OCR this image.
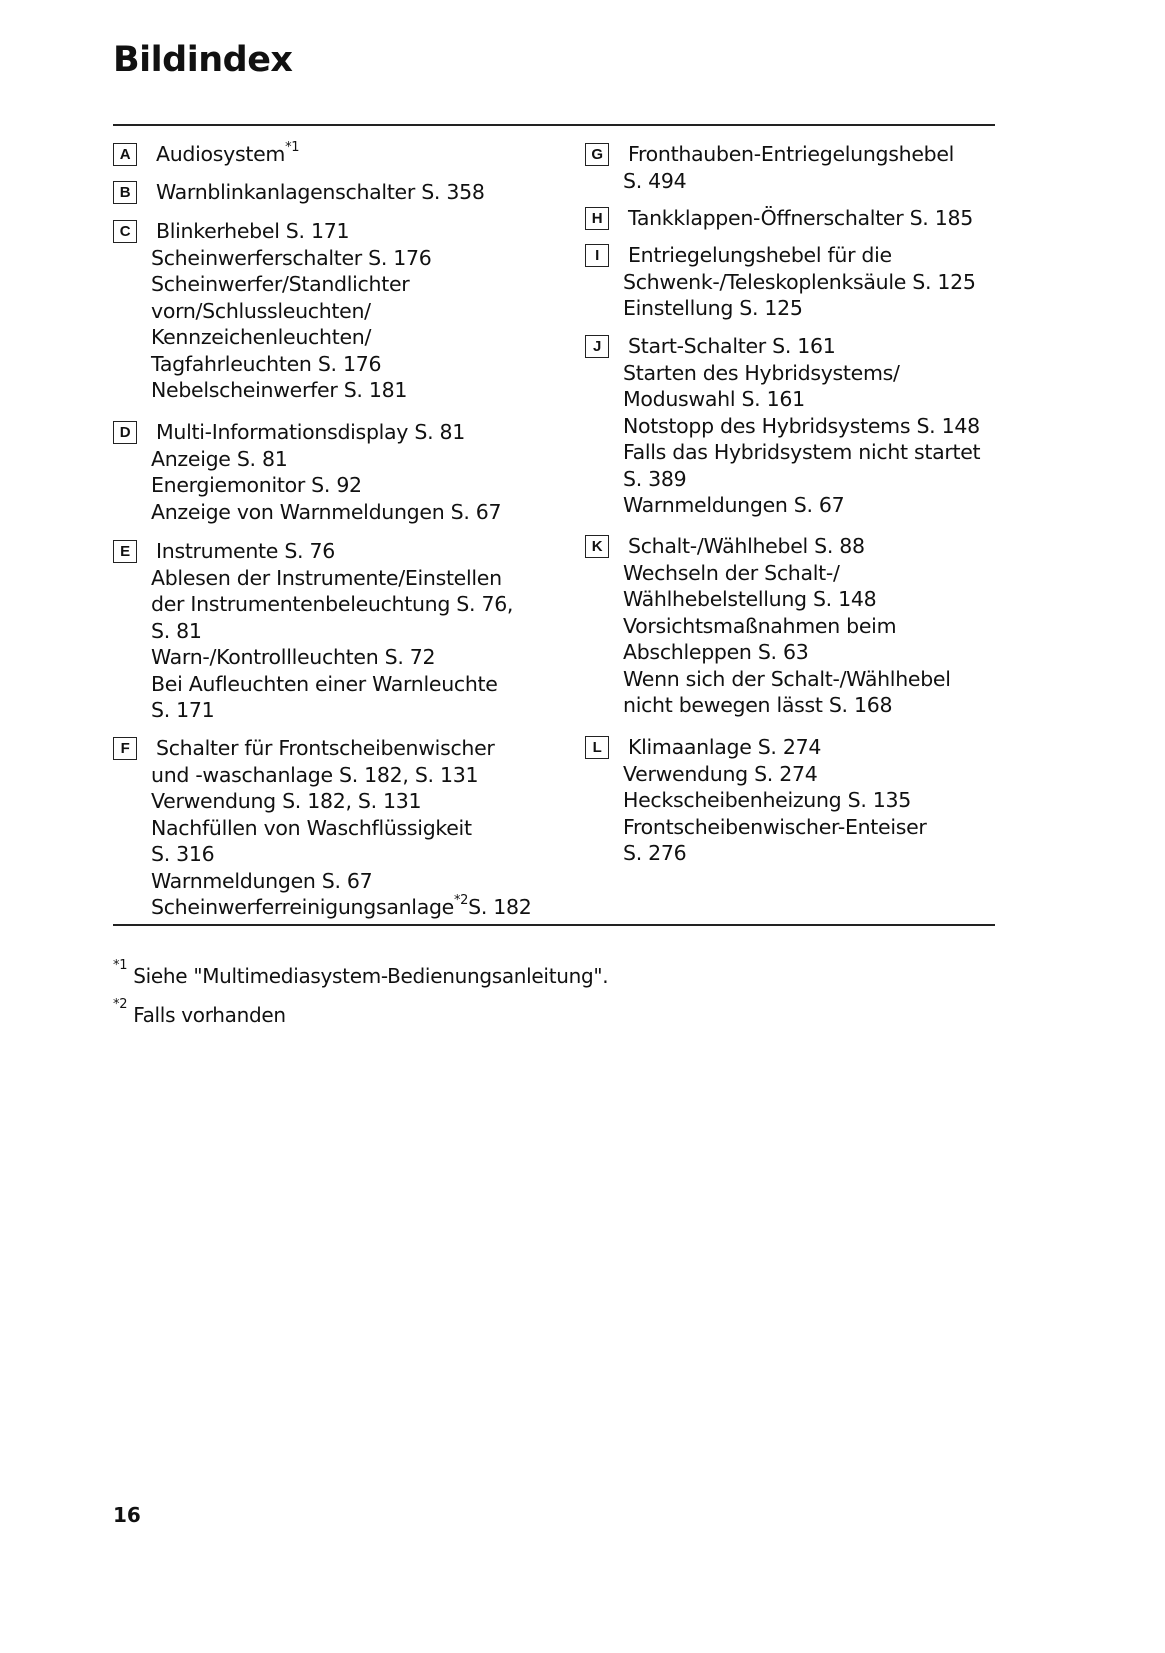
Bildindex
A	Audiosystem$^{*1}$
B	Warnblinkanlagenschalter S. 358
C	Blinkerhebel S. 171
Scheinwerferschalter S. 176
Scheinwerfer/Standlichter
vorn/Schlussleuchten/
Kennzeichenleuchten/
Tagfahrleuchten S. 176
Nebelscheinwerfer S. 181
D	Multi-Informationsdisplay S. 81
Anzeige S. 81
Energiemonitor S. 92
Anzeige von Warnmeldungen S. 67
E	Instrumente S. 76
Ablesen der Instrumente/Einstellen
der Instrumentenbeleuchtung S. 76,
S. 81
Warn-/Kontrollleuchten S. 72
Bei Aufleuchten einer Warnleuchte
S. 171
F	Schalter für Frontscheibenwischer
und -waschanlage S. 182, S. 131
Verwendung S. 182, S. 131
Nachfüllen von Waschflüssigkeit
S. 316
Warnmeldungen S. 67
Scheinwerferreinigungsanlage$^{*2}$S. 182
G	Fronthauben-Entriegelungshebel
S. 494
H	Tankklappen-Öffnerschalter S. 185
I	Entriegelungshebel für die
Schwenk-/Teleskoplenksäule S. 125
Einstellung S. 125
J	Start-Schalter S. 161
Starten des Hybridsystems/
Moduswahl S. 161
Notstopp des Hybridsystems S. 148
Falls das Hybridsystem nicht startet
S. 389
Warnmeldungen S. 67
K	Schalt-/Wählhebel S. 88
Wechseln der Schalt-/
Wählhebelstellung S. 148
Vorsichtsmaßnahmen beim
Abschleppen S. 63
Wenn sich der Schalt-/Wählhebel
nicht bewegen lässt S. 168
L	Klimaanlage S. 274
Verwendung S. 274
Heckscheibenheizung S. 135
Frontscheibenwischer-Enteiser
S. 276
$^{*1}$ Siehe "Multimediasystem-Bedienungsanleitung".
$^{*2}$ Falls vorhanden
16
